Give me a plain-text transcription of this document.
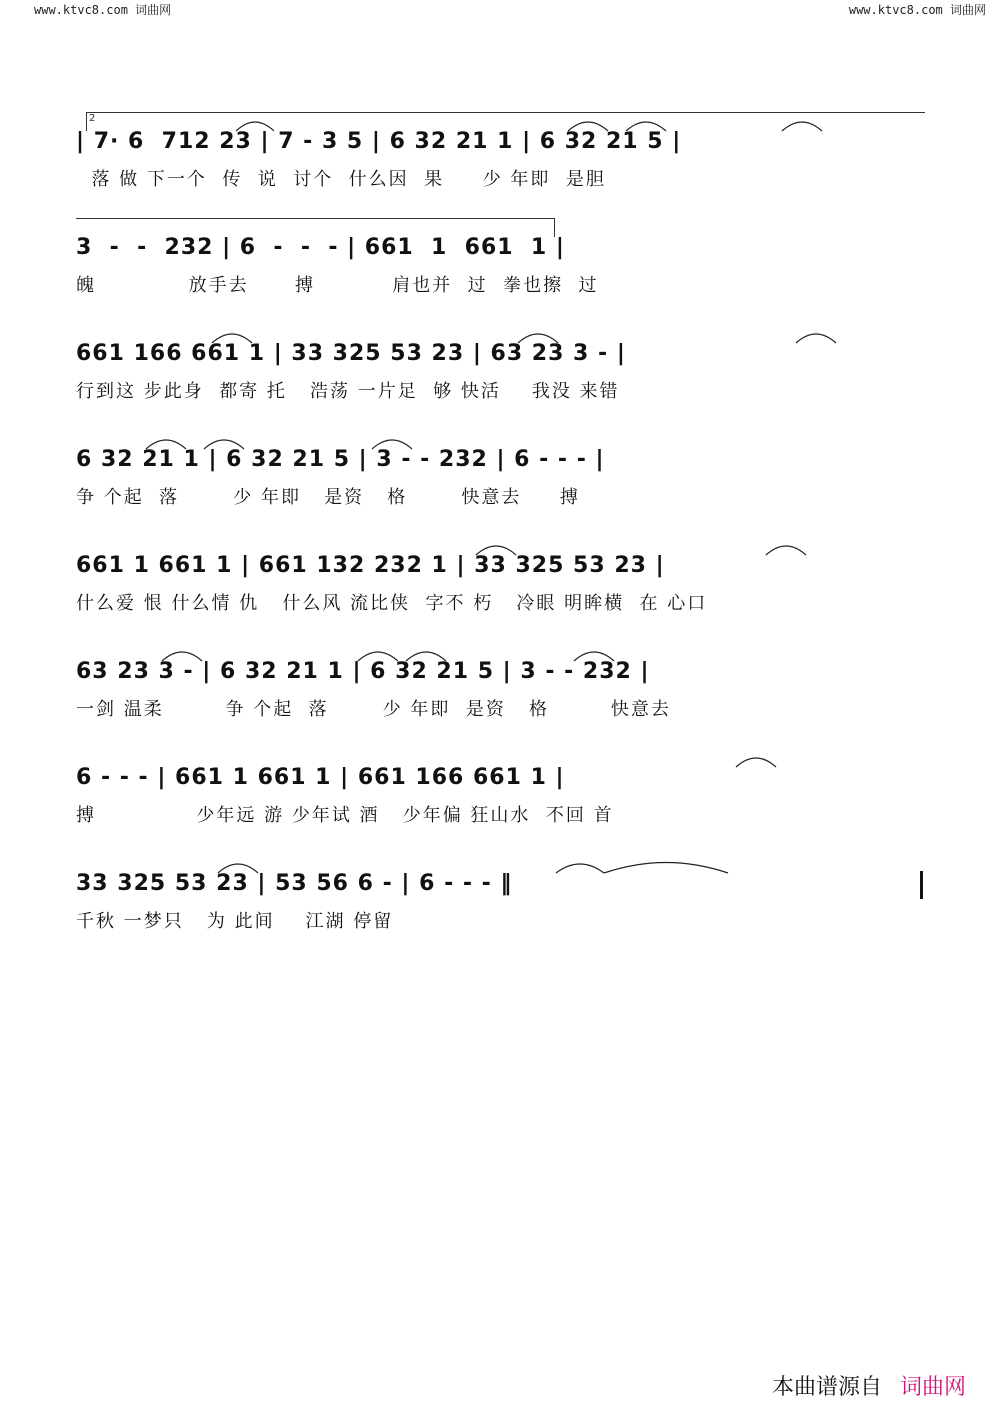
www.ktvc8.com 词曲网	www.ktvc8.com 词曲网
2
| 7· 6  712 23 | 7 - 3 5 | 6 32 21 1 | 6 32 21 5 |
落 做 下一个  传  说  讨个  什么因  果     少 年即  是胆
3  -  -  232 | 6  -  -  - | 661  1  661  1 |
魄            放手去      搏          肩也并  过  拳也擦  过
661 166 661 1 | 33 325 53 23 | 63 23 3 - |
行到这 步此身  都寄 托   浩荡 一片足  够 快活    我没 来错
6 32 21 1 | 6 32 21 5 | 3 - - 232 | 6 - - - |
争 个起  落       少 年即   是资   格       快意去     搏
661 1 661 1 | 661 132 232 1 | 33 325 53 23 |
什么爱 恨 什么情 仇   什么风 流比侠  字不 朽   冷眼 明眸横  在 心口
63 23 3 - | 6 32 21 1 | 6 32 21 5 | 3 - - 232 |
一剑 温柔        争 个起  落       少 年即  是资   格        快意去
6 - - - | 661 1 661 1 | 661 166 661 1 |
搏             少年远 游 少年试 酒   少年偏 狂山水  不回 首
33 325 53 23 | 53 56 6 - | 6 - - - ‖
千秋 一梦只   为 此间    江湖 停留
本曲谱源自 词曲网
